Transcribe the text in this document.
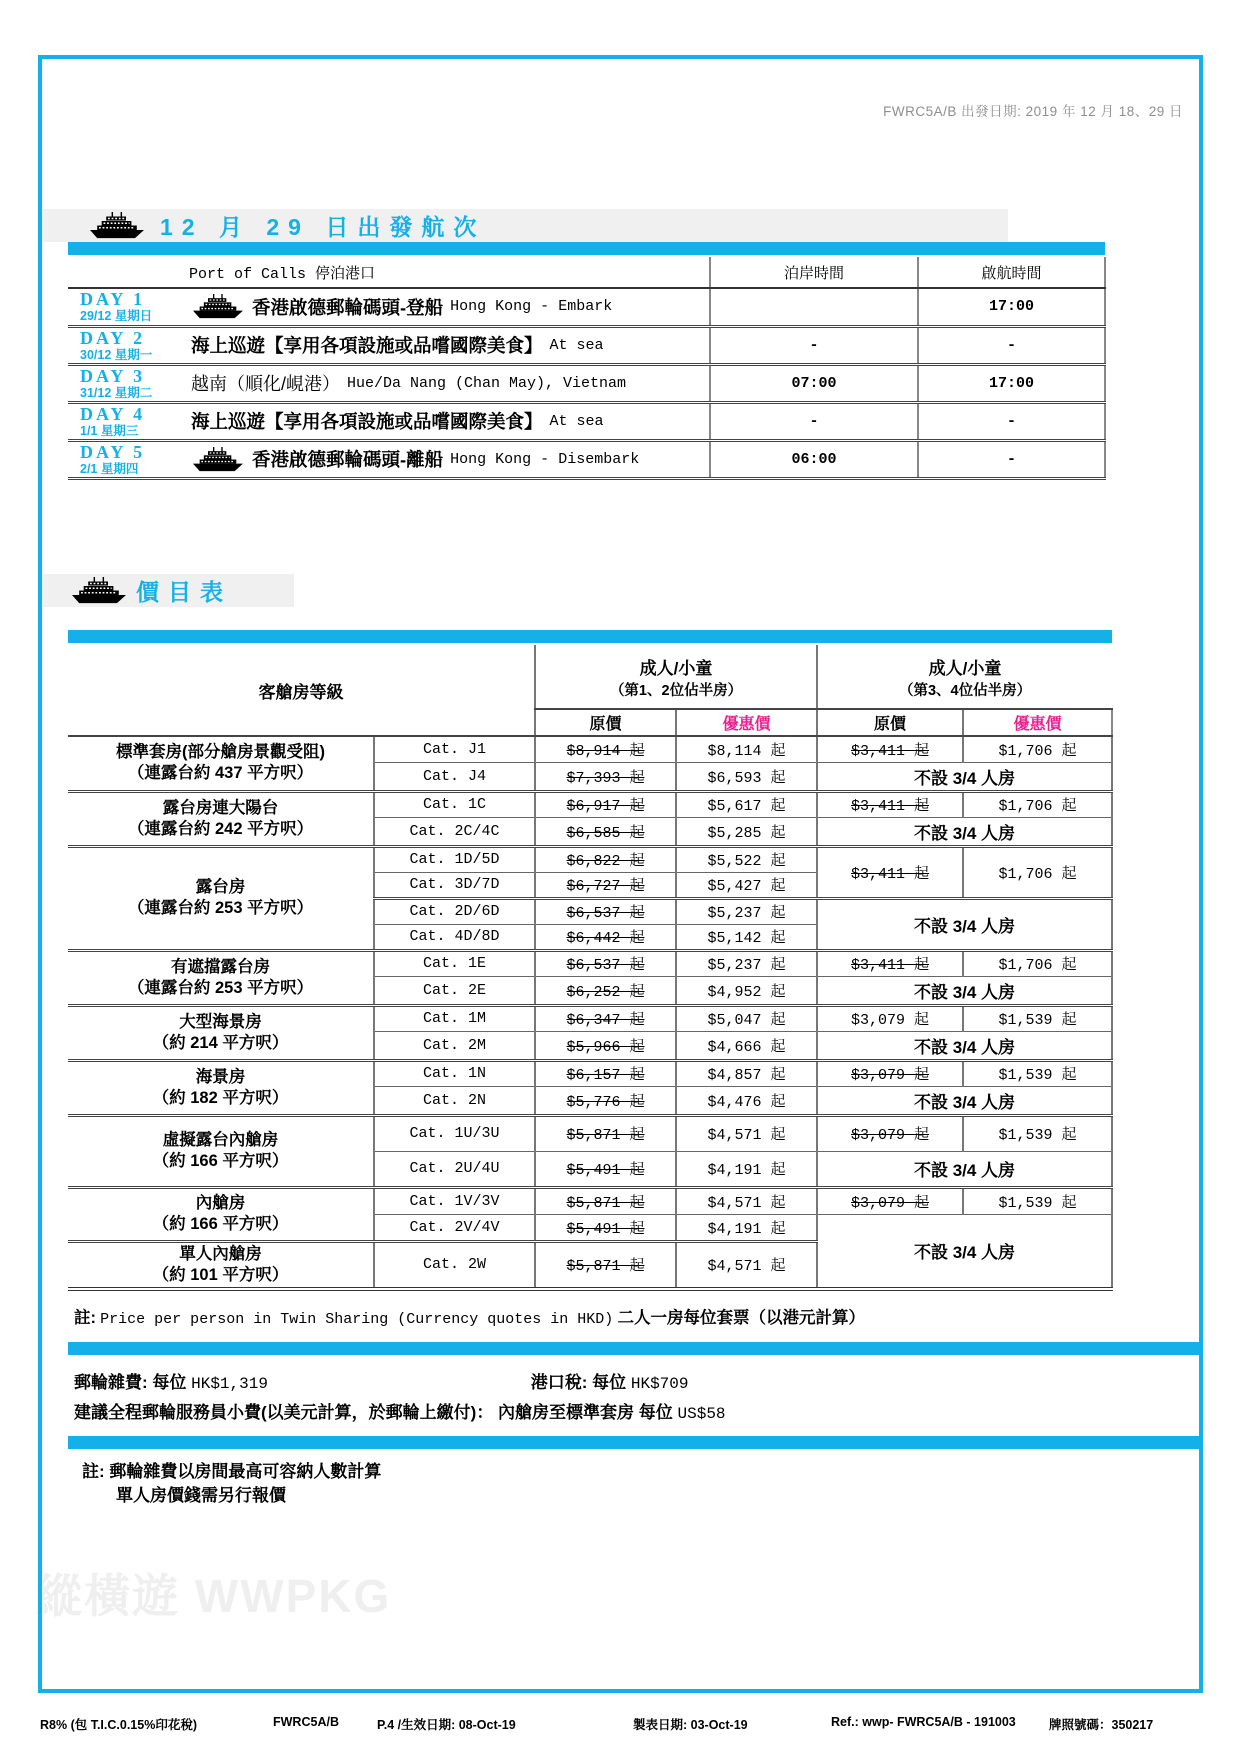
縱橫遊 WWPKG
FWRC5A/B 出發日期: 2019 年 12 月 18、29 日
12 月 29 日出發航次
	Port of Calls 停泊港口	泊岸時間	啟航時間

DAY 1
29/12 星期日	香港啟德郵輪碼頭-登船 Hong Kong - Embark		17:00

DAY 2
30/12 星期一	海上巡遊【享用各項設施或品嚐國際美食】 At sea	-	-

DAY 3
31/12 星期二	越南（順化/峴港） Hue/Da Nang (Chan May), Vietnam	07:00	17:00

DAY 4
1/1 星期三	海上巡遊【享用各項設施或品嚐國際美食】 At sea	-	-

DAY 5
2/1 星期四	香港啟德郵輪碼頭-離船 Hong Kong - Disembark	06:00	-
價目表
客艙房等級		成人/小童
（第1、2位佔半房）		成人/小童
（第3、4位佔半房）	
		原價	優惠價	原價	優惠價

標準套房(部分艙房景觀受阻)
（連露台約 437 平方呎）	Cat. J1	$8,914 起	$8,114 起	$3,411 起	$1,706 起
	Cat. J4	$7,393 起	$6,593 起	不設 3/4 人房	

露台房連大陽台
（連露台約 242 平方呎）	Cat. 1C	$6,917 起	$5,617 起	$3,411 起	$1,706 起
	Cat. 2C/4C	$6,585 起	$5,285 起	不設 3/4 人房	

露台房
（連露台約 253 平方呎）	Cat. 1D/5D	$6,822 起	$5,522 起	$3,411 起	$1,706 起
	Cat. 3D/7D	$6,727 起	$5,427 起		
	Cat. 2D/6D	$6,537 起	$5,237 起	不設 3/4 人房	
	Cat. 4D/8D	$6,442 起	$5,142 起		

有遮擋露台房
（連露台約 253 平方呎）	Cat. 1E	$6,537 起	$5,237 起	$3,411 起	$1,706 起
	Cat. 2E	$6,252 起	$4,952 起	不設 3/4 人房	

大型海景房
（約 214 平方呎）	Cat. 1M	$6,347 起	$5,047 起	$3,079 起	$1,539 起
	Cat. 2M	$5,966 起	$4,666 起	不設 3/4 人房	

海景房
（約 182 平方呎）	Cat. 1N	$6,157 起	$4,857 起	$3,079 起	$1,539 起
	Cat. 2N	$5,776 起	$4,476 起	不設 3/4 人房	

虛擬露台內艙房
（約 166 平方呎）	Cat. 1U/3U	$5,871 起	$4,571 起	$3,079 起	$1,539 起
	Cat. 2U/4U	$5,491 起	$4,191 起	不設 3/4 人房	

內艙房
（約 166 平方呎）	Cat. 1V/3V	$5,871 起	$4,571 起	$3,079 起	$1,539 起
	Cat. 2V/4V	$5,491 起	$4,191 起	不設 3/4 人房	

單人內艙房
（約 101 平方呎）	Cat. 2W	$5,871 起	$4,571 起		
註: Price per person in Twin Sharing (Currency quotes in HKD) 二人一房每位套票（以港元計算）
郵輪雜費: 每位 HK$1,319	港口稅: 每位 HK$709
建議全程郵輪服務員小費(以美元計算，於郵輪上繳付)： 內艙房至標準套房 每位 US$58
註: 郵輪雜費以房間最高可容納人數計算
單人房價錢需另行報價
R8% (包 T.I.C.0.15%印花稅)	FWRC5A/B	P.4 /生效日期: 08-Oct-19	製表日期: 03-Oct-19	Ref.: wwp- FWRC5A/B - 191003	牌照號碼：350217
